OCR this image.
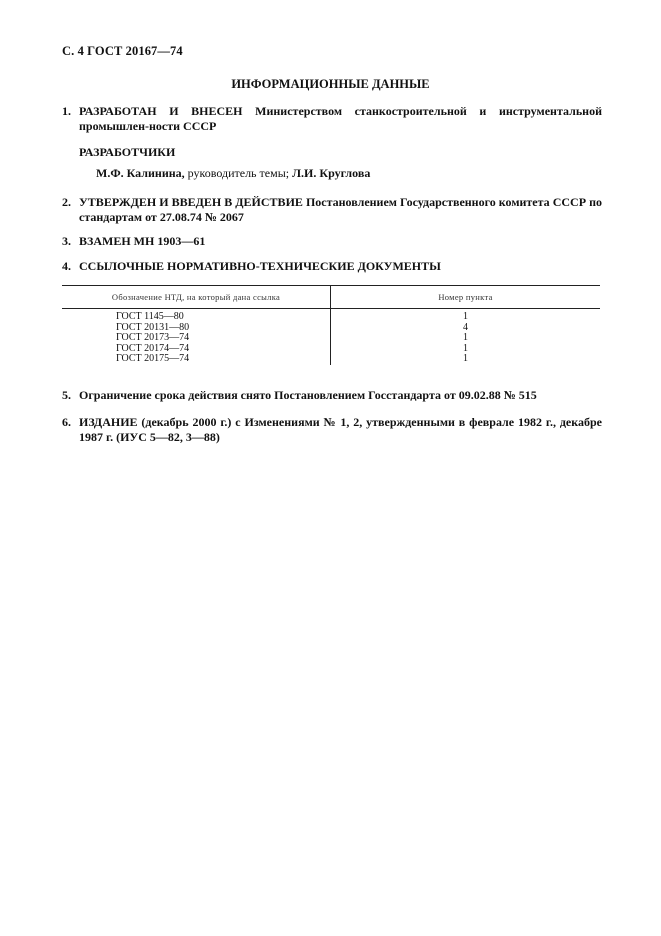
С. 4 ГОСТ 20167—74
ИНФОРМАЦИОННЫЕ ДАННЫЕ
1. РАЗРАБОТАН И ВНЕСЕН Министерством станкостроительной и инструментальной промышлен-ности СССР
РАЗРАБОТЧИКИ
М.Ф. Калинина, руководитель темы; Л.И. Круглова
2. УТВЕРЖДЕН И ВВЕДЕН В ДЕЙСТВИЕ Постановлением Государственного комитета СССР по стандартам от 27.08.74 № 2067
3. ВЗАМЕН МН 1903—61
4. ССЫЛОЧНЫЕ НОРМАТИВНО-ТЕХНИЧЕСКИЕ ДОКУМЕНТЫ
Обозначение НТД, на который дана ссылка	Номер пункта
ГОСТ 1145—80	1
ГОСТ 20131—80	4
ГОСТ 20173—74	1
ГОСТ 20174—74	1
ГОСТ 20175—74	1
5. Ограничение срока действия снято Постановлением Госстандарта от 09.02.88 № 515
6. ИЗДАНИЕ (декабрь 2000 г.) с Изменениями № 1, 2, утвержденными в феврале 1982 г., декабре 1987 г. (ИУС 5—82, 3—88)
